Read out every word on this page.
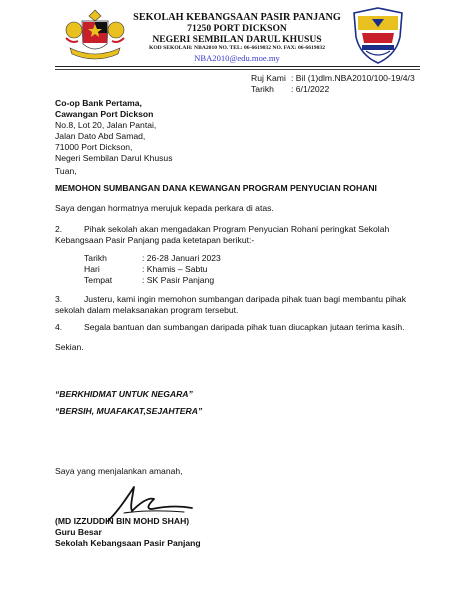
SEKOLAH KEBANGSAAN PASIR PANJANG
71250 PORT DICKSON
NEGERI SEMBILAN DARUL KHUSUS
KOD SEKOLAH: NBA2010 NO. TEL: 06-6619032 NO. FAX: 06-6619032
NBA2010@edu.moe.my
Ruj Kami : Bil (1)dlm.NBA2010/100-19/4/3
Tarikh : 6/1/2022
Co-op Bank Pertama,
Cawangan Port Dickson
No.8, Lot 20, Jalan Pantai,
Jalan Dato Abd Samad,
71000 Port Dickson,
Negeri Sembilan Darul Khusus
Tuan,
MEMOHON SUMBANGAN DANA KEWANGAN PROGRAM PENYUCIAN ROHANI
Saya dengan hormatnya merujuk kepada perkara di atas.
2.	Pihak sekolah akan mengadakan Program Penyucian Rohani peringkat Sekolah
Kebangsaan Pasir Panjang pada ketetapan berikut:-
Tarikh	: 26-28 Januari 2023
Hari	: Khamis – Sabtu
Tempat	: SK Pasir Panjang
3.	Justeru, kami ingin memohon sumbangan daripada pihak tuan bagi membantu pihak
sekolah dalam melaksanakan program tersebut.
4.	Segala bantuan dan sumbangan daripada pihak tuan diucapkan jutaan terima kasih.
Sekian.
“BERKHIDMAT UNTUK NEGARA”
“BERSIH, MUAFAKAT,SEJAHTERA”
Saya yang menjalankan amanah,
(MD IZZUDDIN BIN MOHD SHAH)
Guru Besar
Sekolah Kebangsaan Pasir Panjang
